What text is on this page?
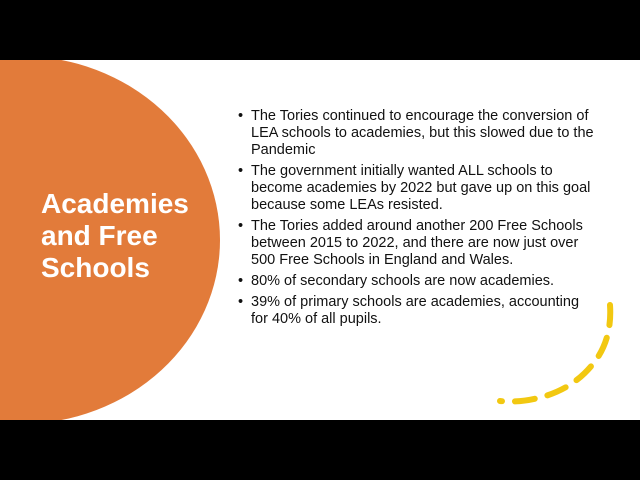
Academies and Free Schools
• The Tories continued to encourage the conversion of LEA schools to academies, but this slowed due to the Pandemic
• The government initially wanted ALL schools to become academies by 2022 but gave up on this goal because some LEAs resisted.
• The Tories added around another 200 Free Schools between 2015 to 2022, and there are now just over 500 Free Schools in England and Wales.
• 80% of secondary schools are now academies.
• 39% of primary schools are academies, accounting for 40% of all pupils.
